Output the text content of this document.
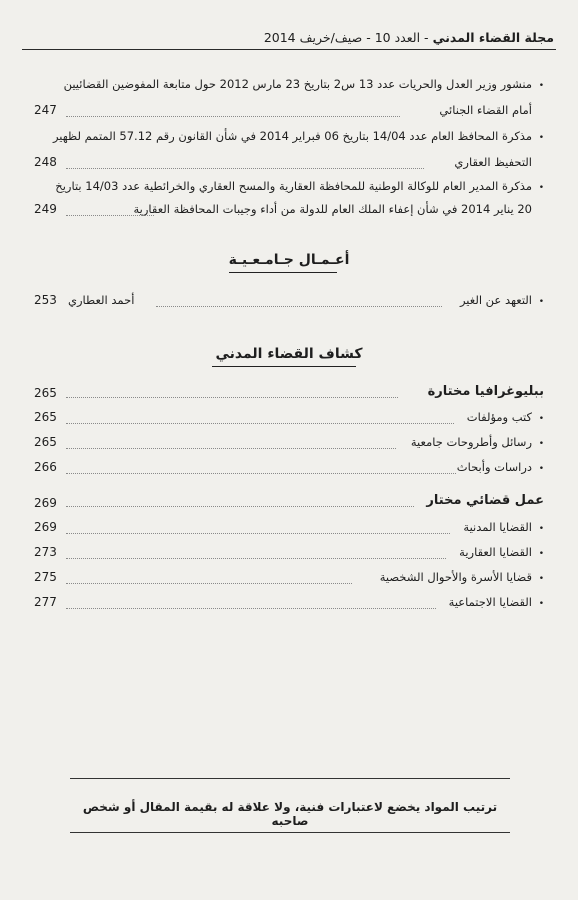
مجلة القضاء المدني
-
العدد 10
-
صيف/خريف 2014
•
منشور وزير العدل والحريات عدد 13 س2 بتاريخ 23 مارس 2012 حول متابعة المفوضين القضائيين
أمام القضاء الجنائي
247
•
مذكرة المحافظ العام عدد 14/04 بتاريخ 06 فبراير 2014 في شأن القانون رقم 57.12 المتمم لظهير
التحفيظ العقاري
248
•
مذكرة المدير العام للوكالة الوطنية للمحافظة العقارية والمسح العقاري والخرائطية عدد 14/03 بتاريخ
20 يناير 2014 في شأن إعفاء الملك العام للدولة من أداء وجيبات المحافظة العقارية
249
أعـمـال جـامـعـيـة
•
التعهد عن الغير
أحمد العطاري
253
كشاف القضاء المدني
ببليوغرافيا مختارة
265
•
كتب ومؤلفات
265
•
رسائل وأطروحات جامعية
265
•
دراسات وأبحاث
266
عمل قضائي مختار
269
•
القضايا المدنية
269
•
القضايا العقارية
273
•
قضايا الأسرة والأحوال الشخصية
275
•
القضايا الاجتماعية
277
ترتيب المواد يخضع لاعتبارات فنية، ولا علاقة له بقيمة المقال أو شخص صاحبه
